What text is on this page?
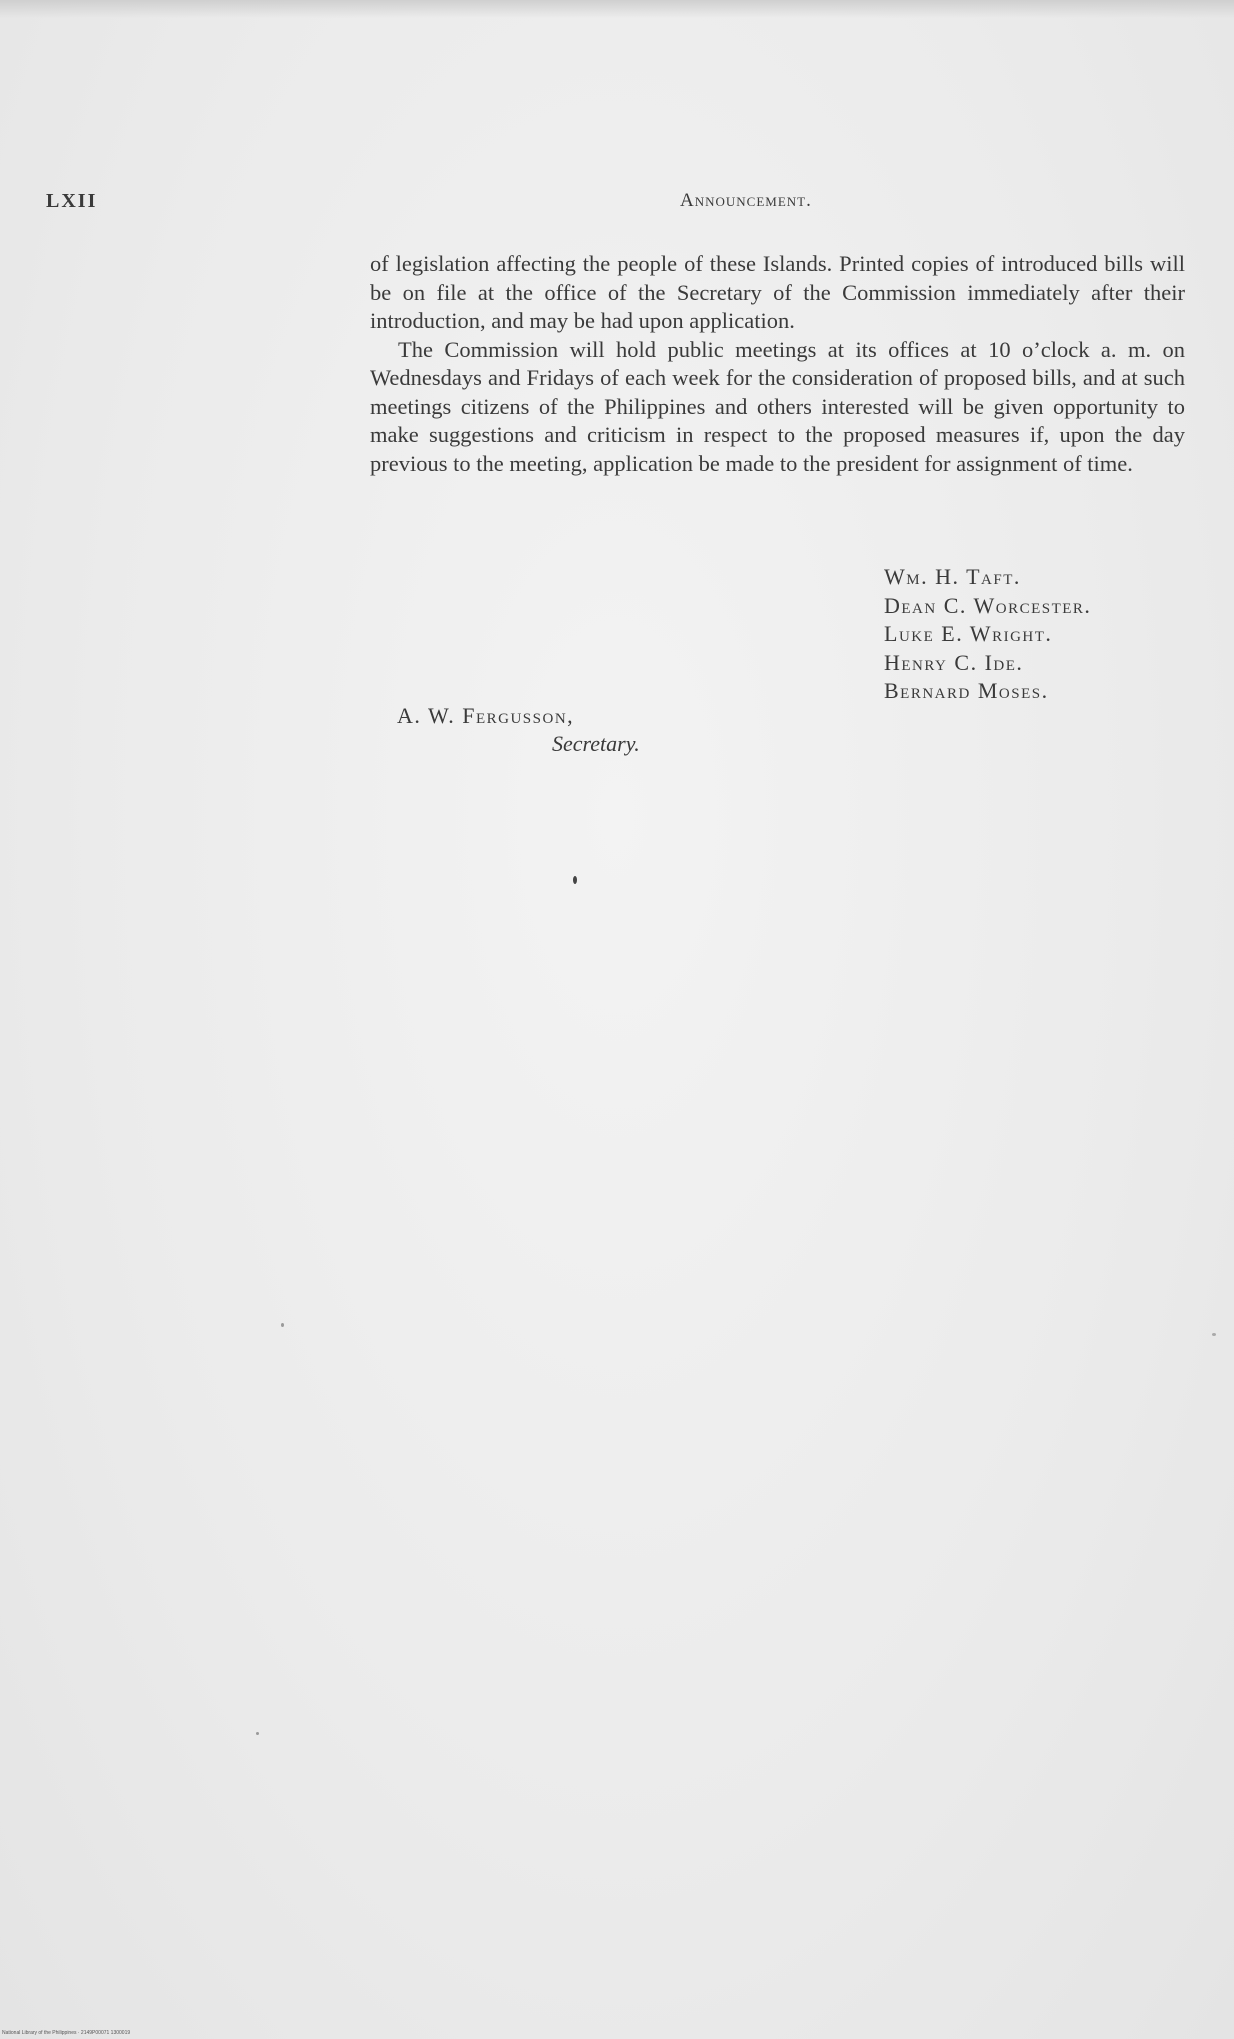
LXII	Announcement.

of legislation affecting the people of these Islands. Printed copies of introduced bills will be on file at the office of the Secretary of the Commission immediately after their introduction, and may be had upon application.

The Commission will hold public meetings at its offices at 10 o’clock a. m. on Wednesdays and Fridays of each week for the consideration of proposed bills, and at such meetings citizens of the Philippines and others interested will be given opportunity to make suggestions and criticism in respect to the proposed measures if, upon the day previous to the meeting, application be made to the president for assignment of time.

Wm. H. Taft.
Dean C. Worcester.
Luke E. Wright.
Henry C. Ide.
Bernard Moses.
A. W. Fergusson,
Secretary.
National Library of the Philippines · 2149P00071 1300019
